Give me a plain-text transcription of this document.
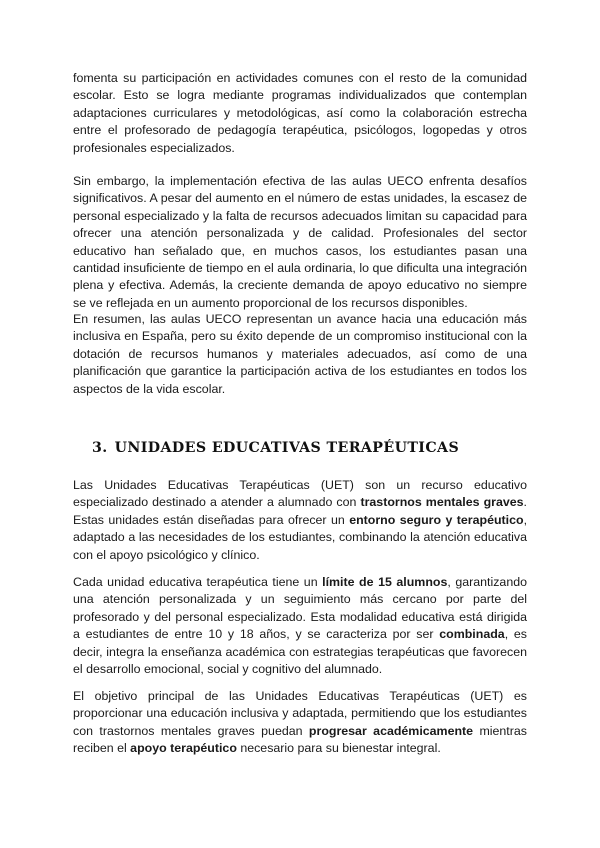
fomenta su participación en actividades comunes con el resto de la comunidad escolar. Esto se logra mediante programas individualizados que contemplan adaptaciones curriculares y metodológicas, así como la colaboración estrecha entre el profesorado de pedagogía terapéutica, psicólogos, logopedas y otros profesionales especializados.

Sin embargo, la implementación efectiva de las aulas UECO enfrenta desafíos significativos. A pesar del aumento en el número de estas unidades, la escasez de personal especializado y la falta de recursos adecuados limitan su capacidad para ofrecer una atención personalizada y de calidad. Profesionales del sector educativo han señalado que, en muchos casos, los estudiantes pasan una cantidad insuficiente de tiempo en el aula ordinaria, lo que dificulta una integración plena y efectiva. Además, la creciente demanda de apoyo educativo no siempre se ve reflejada en un aumento proporcional de los recursos disponibles.

En resumen, las aulas UECO representan un avance hacia una educación más inclusiva en España, pero su éxito depende de un compromiso institucional con la dotación de recursos humanos y materiales adecuados, así como de una planificación que garantice la participación activa de los estudiantes en todos los aspectos de la vida escolar.

3. UNIDADES EDUCATIVAS TERAPÉUTICAS

Las Unidades Educativas Terapéuticas (UET) son un recurso educativo especializado destinado a atender a alumnado con trastornos mentales graves. Estas unidades están diseñadas para ofrecer un entorno seguro y terapéutico, adaptado a las necesidades de los estudiantes, combinando la atención educativa con el apoyo psicológico y clínico.

Cada unidad educativa terapéutica tiene un límite de 15 alumnos, garantizando una atención personalizada y un seguimiento más cercano por parte del profesorado y del personal especializado. Esta modalidad educativa está dirigida a estudiantes de entre 10 y 18 años, y se caracteriza por ser combinada, es decir, integra la enseñanza académica con estrategias terapéuticas que favorecen el desarrollo emocional, social y cognitivo del alumnado.

El objetivo principal de las Unidades Educativas Terapéuticas (UET) es proporcionar una educación inclusiva y adaptada, permitiendo que los estudiantes con trastornos mentales graves puedan progresar académicamente mientras reciben el apoyo terapéutico necesario para su bienestar integral.
